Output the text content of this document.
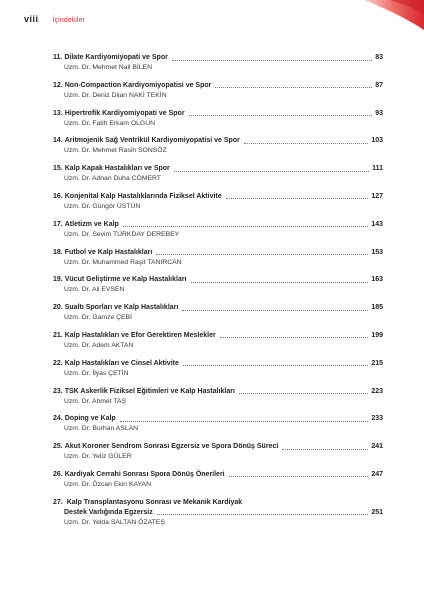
viii İçindekiler
11. Dilate Kardiyomiyopati ve Spor	83
Uzm. Dr. Mehmet Nail BİLEN
12. Non-Compaction Kardiyomiyopatisi ve Spor	87
Uzm. Dr. Deniz Dilan NAKİ TEKİN
13. Hipertrofik Kardiyomiyopati ve Spor	93
Uzm. Dr. Fatih Erkam OLGUN
14. Aritmojenik Sağ Ventrikül Kardiyomiyopatisi ve Spor	103
Uzm. Dr. Mehmet Rasih SONSÖZ
15. Kalp Kapak Hastalıkları ve Spor	111
Uzm. Dr. Adnan Duha CÖMERT
16. Konjenital Kalp Hastalıklarında Fiziksel Aktivite	127
Uzm. Dr. Güngör ÜSTÜN
17. Atletizm ve Kalp	143
Uzm. Dr. Sevim TÜRKDAY DEREBEY
18. Futbol ve Kalp Hastalıkları	153
Uzm. Dr. Muhammed Raşit TANIRCAN
19. Vücut Geliştirme ve Kalp Hastalıkları	163
Uzm. Dr. Ali EVSEN
20. Sualtı Sporları ve Kalp Hastalıkları	185
Uzm. Dr. Gamze ÇEBİ
21. Kalp Hastalıkları ve Efor Gerektiren Meslekler	199
Uzm. Dr. Adem AKTAN
22. Kalp Hastalıkları ve Cinsel Aktivite	215
Uzm. Dr. İlyas ÇETİN
23. TSK Askerlik Fiziksel Eğitimleri ve Kalp Hastalıkları	223
Uzm. Dr. Ahmet TAŞ
24. Doping ve Kalp	233
Uzm. Dr. Burhan ASLAN
25. Akut Koroner Sendrom Sonrası Egzersiz ve Spora Dönüş Süreci	241
Uzm. Dr. Yeliz GÜLER
26. Kardiyak Cerrahi Sonrası Spora Dönüş Önerileri	247
Uzm. Dr. Özcan Ekin KAYAN
27. Kalp Transplantasyonu Sonrası ve Mekanik Kardiyak
Destek Varlığında Egzersiz	251
Uzm. Dr. Yelda SALTAN ÖZATEŞ
